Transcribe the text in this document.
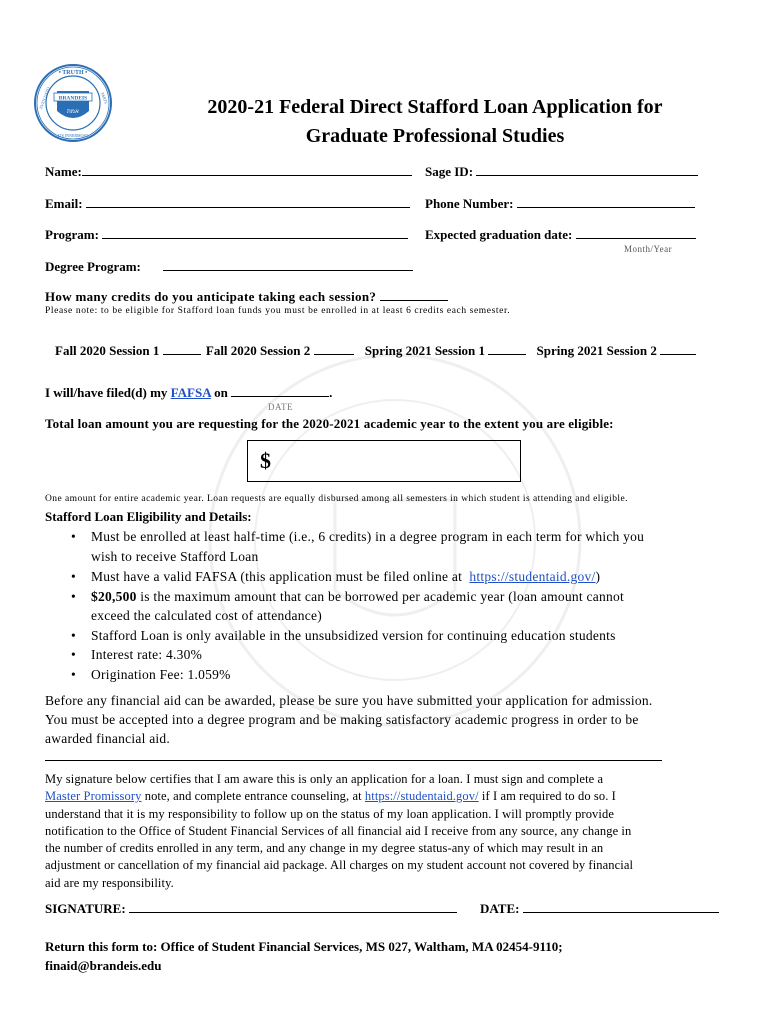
• TRUTH •
EVEN UNTO	PARTS
ITS INNERMOST
BRANDEIS
אמת	2020-21 Federal Direct Stafford Loan Application for
Graduate Professional Studies
Name:	Sage ID:
Email:	Phone Number:
Program:	Expected graduation date:
Month/Year
Degree Program:
How many credits do you anticipate taking each session?
Please note: to be eligible for Stafford loan funds you must be enrolled in at least 6 credits each semester.
Fall 2020 Session 1	Fall 2020 Session 2	Spring 2021 Session 1	Spring 2021 Session 2
I will/have filed(d) my FAFSA on	.
DATE
Total loan amount you are requesting for the 2020-2021 academic year to the extent you are eligible:
$
One amount for entire academic year. Loan requests are equally disbursed among all semesters in which student is attending and eligible.
Stafford Loan Eligibility and Details:
• Must be enrolled at least half-time (i.e., 6 credits) in a degree program in each term for which you
wish to receive Stafford Loan
• Must have a valid FAFSA (this application must be filed online at https://studentaid.gov/)
• $20,500 is the maximum amount that can be borrowed per academic year (loan amount cannot
exceed the calculated cost of attendance)
• Stafford Loan is only available in the unsubsidized version for continuing education students
• Interest rate: 4.30%
• Origination Fee: 1.059%
Before any financial aid can be awarded, please be sure you have submitted your application for admission.
You must be accepted into a degree program and be making satisfactory academic progress in order to be
awarded financial aid.
My signature below certifies that I am aware this is only an application for a loan. I must sign and complete a
Master Promissory note, and complete entrance counseling, at https://studentaid.gov/ if I am required to do so. I
understand that it is my responsibility to follow up on the status of my loan application. I will promptly provide
notification to the Office of Student Financial Services of all financial aid I receive from any source, any change in
the number of credits enrolled in any term, and any change in my degree status-any of which may result in an
adjustment or cancellation of my financial aid package. All charges on my student account not covered by financial
aid are my responsibility.
SIGNATURE:	DATE:
Return this form to: Office of Student Financial Services, MS 027, Waltham, MA 02454-9110;
finaid@brandeis.edu
